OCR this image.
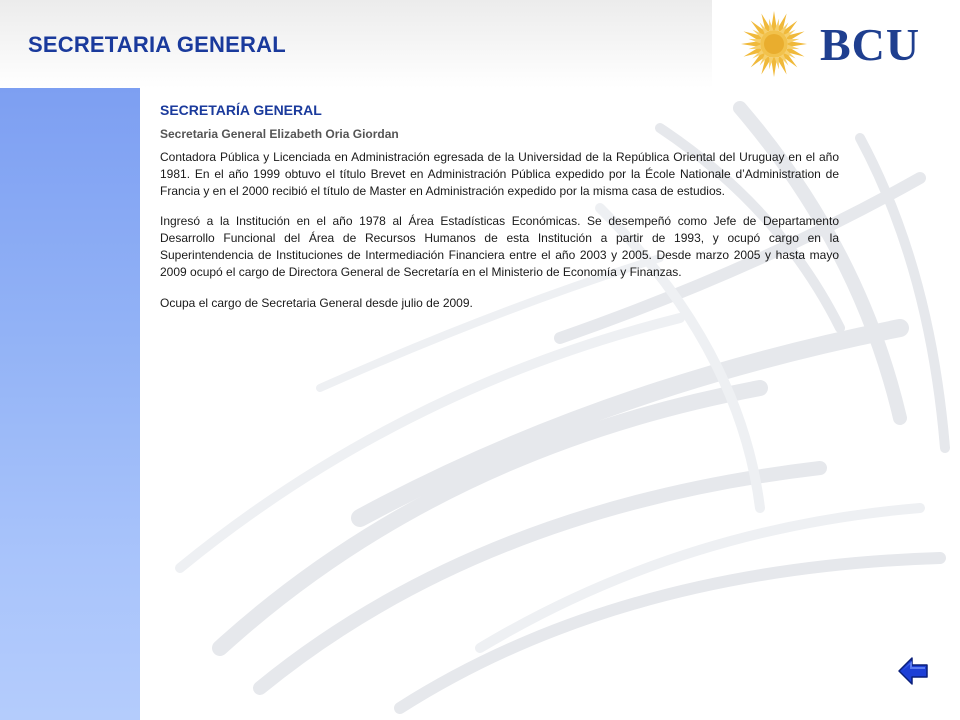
SECRETARIA GENERAL	BCU
SECRETARÍA GENERAL
Secretaria General Elizabeth Oria Giordan

Contadora Pública y Licenciada en Administración egresada de la Universidad de la República Oriental del Uruguay en el año 1981. En el año 1999 obtuvo el título Brevet en Administración Pública expedido por la École Nationale d’Administration de Francia y en el 2000 recibió el título de Master en Administración expedido por la misma casa de estudios.

Ingresó a la Institución en el año 1978 al Área Estadísticas Económicas. Se desempeñó como Jefe de Departamento Desarrollo Funcional del Área de Recursos Humanos de esta Institución a partir de 1993, y ocupó cargo en la Superintendencia de Instituciones de Intermediación Financiera entre el año 2003 y 2005. Desde marzo 2005 y hasta mayo 2009 ocupó el cargo de Directora General de Secretaría en el Ministerio de Economía y Finanzas.

Ocupa el cargo de Secretaria General desde julio de 2009.
